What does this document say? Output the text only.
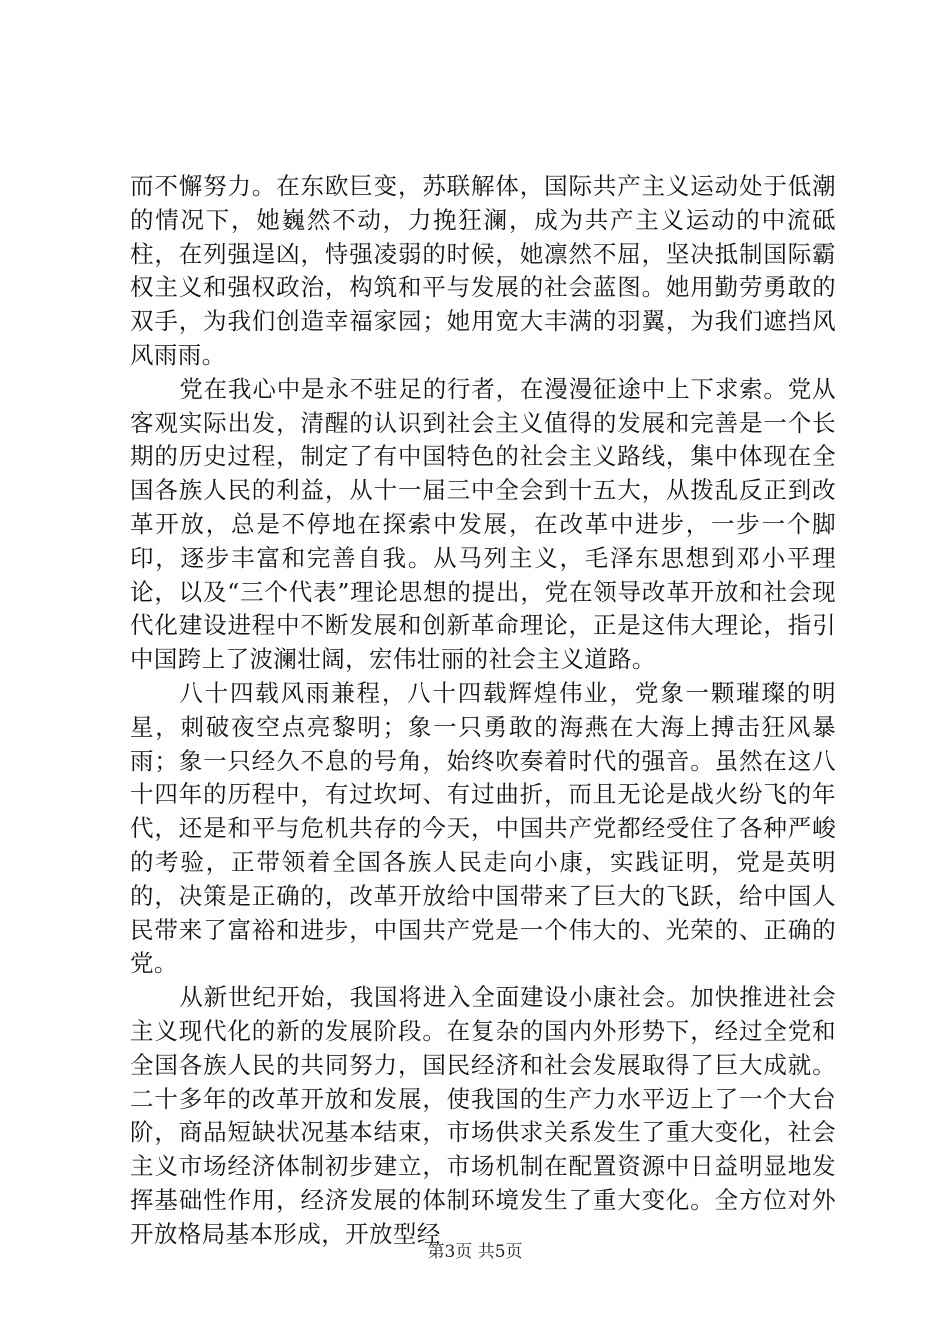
而不懈努力。在东欧巨变，苏联解体，国际共产主义运动处于低潮的情况下，她巍然不动，力挽狂澜，成为共产主义运动的中流砥柱，在列强逞凶，恃强凌弱的时候，她凛然不屈，坚决抵制国际霸权主义和强权政治，构筑和平与发展的社会蓝图。她用勤劳勇敢的双手，为我们创造幸福家园；她用宽大丰满的羽翼，为我们遮挡风风雨雨。

党在我心中是永不驻足的行者，在漫漫征途中上下求索。党从客观实际出发，清醒的认识到社会主义值得的发展和完善是一个长期的历史过程，制定了有中国特色的社会主义路线，集中体现在全国各族人民的利益，从十一届三中全会到十五大，从拨乱反正到改革开放，总是不停地在探索中发展，在改革中进步，一步一个脚印，逐步丰富和完善自我。从马列主义，毛泽东思想到邓小平理论，以及“三个代表”理论思想的提出，党在领导改革开放和社会现代化建设进程中不断发展和创新革命理论，正是这伟大理论，指引中国跨上了波澜壮阔，宏伟壮丽的社会主义道路。

八十四载风雨兼程，八十四载辉煌伟业，党象一颗璀璨的明星，刺破夜空点亮黎明；象一只勇敢的海燕在大海上搏击狂风暴雨；象一只经久不息的号角，始终吹奏着时代的强音。虽然在这八十四年的历程中，有过坎坷、有过曲折，而且无论是战火纷飞的年代，还是和平与危机共存的今天，中国共产党都经受住了各种严峻的考验，正带领着全国各族人民走向小康，实践证明，党是英明的，决策是正确的，改革开放给中国带来了巨大的飞跃，给中国人民带来了富裕和进步，中国共产党是一个伟大的、光荣的、正确的党。

从新世纪开始，我国将进入全面建设小康社会。加快推进社会主义现代化的新的发展阶段。在复杂的国内外形势下，经过全党和全国各族人民的共同努力，国民经济和社会发展取得了巨大成就。二十多年的改革开放和发展，使我国的生产力水平迈上了一个大台阶，商品短缺状况基本结束，市场供求关系发生了重大变化，社会主义市场经济体制初步建立，市场机制在配置资源中日益明显地发挥基础性作用，经济发展的体制环境发生了重大变化。全方位对外开放格局基本形成，开放型经

第3页 共5页
